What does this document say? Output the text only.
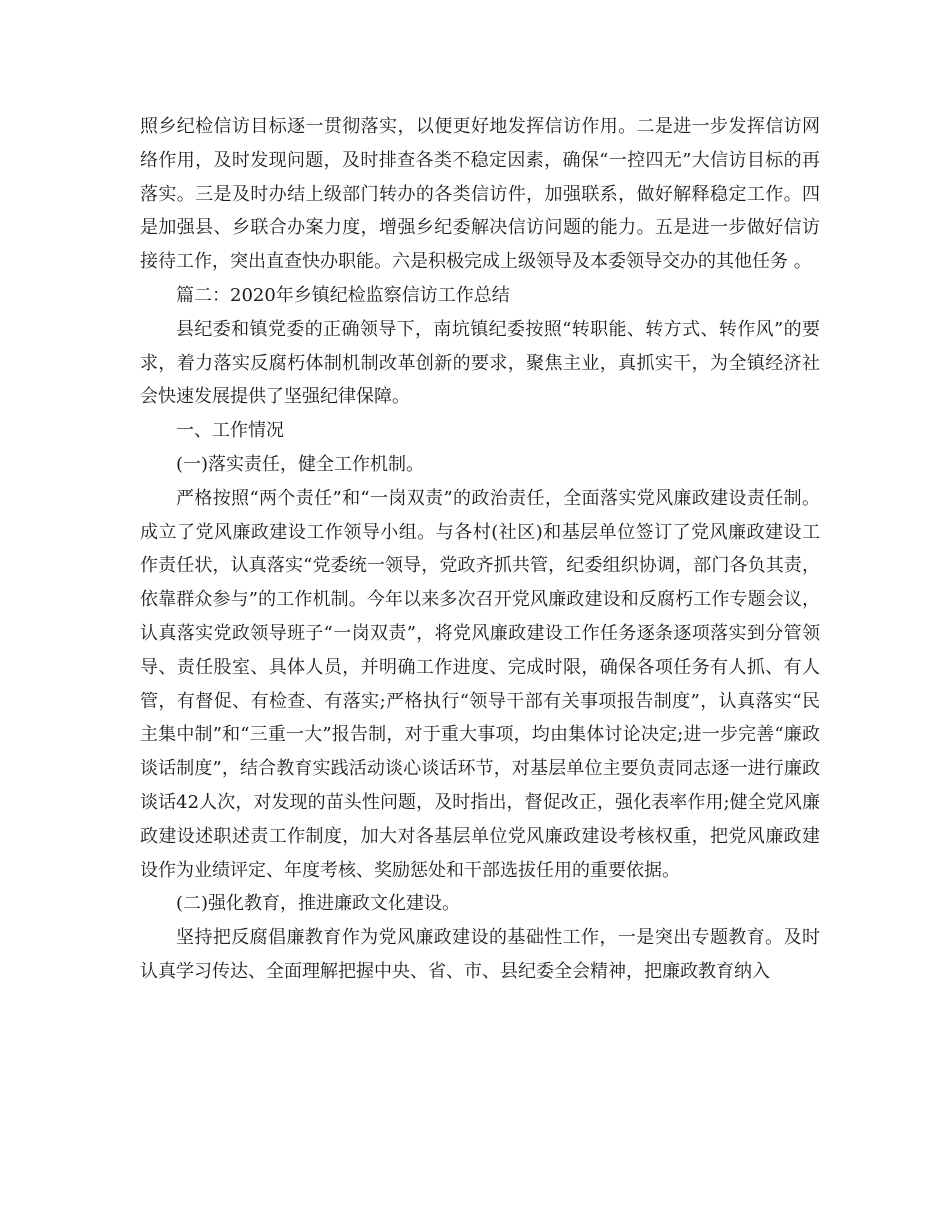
照乡纪检信访目标逐一贯彻落实，以便更好地发挥信访作用。二是进一步发挥信访网络作用，及时发现问题，及时排查各类不稳定因素，确保“一控四无”大信访目标的再落实。三是及时办结上级部门转办的各类信访件，加强联系，做好解释稳定工作。四是加强县、乡联合办案力度，增强乡纪委解决信访问题的能力。五是进一步做好信访接待工作，突出直查快办职能。六是积极完成上级领导及本委领导交办的其他任务 。

篇二：2020年乡镇纪检监察信访工作总结

县纪委和镇党委的正确领导下，南坑镇纪委按照“转职能、转方式、转作风”的要求，着力落实反腐朽体制机制改革创新的要求，聚焦主业，真抓实干，为全镇经济社会快速发展提供了坚强纪律保障。

一、工作情况

(一)落实责任，健全工作机制。

严格按照“两个责任”和“一岗双责”的政治责任，全面落实党风廉政建设责任制。成立了党风廉政建设工作领导小组。与各村(社区)和基层单位签订了党风廉政建设工作责任状，认真落实“党委统一领导，党政齐抓共管，纪委组织协调，部门各负其责，依靠群众参与”的工作机制。今年以来多次召开党风廉政建设和反腐朽工作专题会议，认真落实党政领导班子“一岗双责”，将党风廉政建设工作任务逐条逐项落实到分管领导、责任股室、具体人员，并明确工作进度、完成时限，确保各项任务有人抓、有人管，有督促、有检查、有落实;严格执行“领导干部有关事项报告制度”，认真落实“民主集中制”和“三重一大”报告制，对于重大事项，均由集体讨论决定;进一步完善“廉政谈话制度”，结合教育实践活动谈心谈话环节，对基层单位主要负责同志逐一进行廉政谈话42人次，对发现的苗头性问题，及时指出，督促改正，强化表率作用;健全党风廉政建设述职述责工作制度，加大对各基层单位党风廉政建设考核权重，把党风廉政建设作为业绩评定、年度考核、奖励惩处和干部选拔任用的重要依据。

(二)强化教育，推进廉政文化建设。

坚持把反腐倡廉教育作为党风廉政建设的基础性工作，一是突出专题教育。及时认真学习传达、全面理解把握中央、省、市、县纪委全会精神，把廉政教育纳入
